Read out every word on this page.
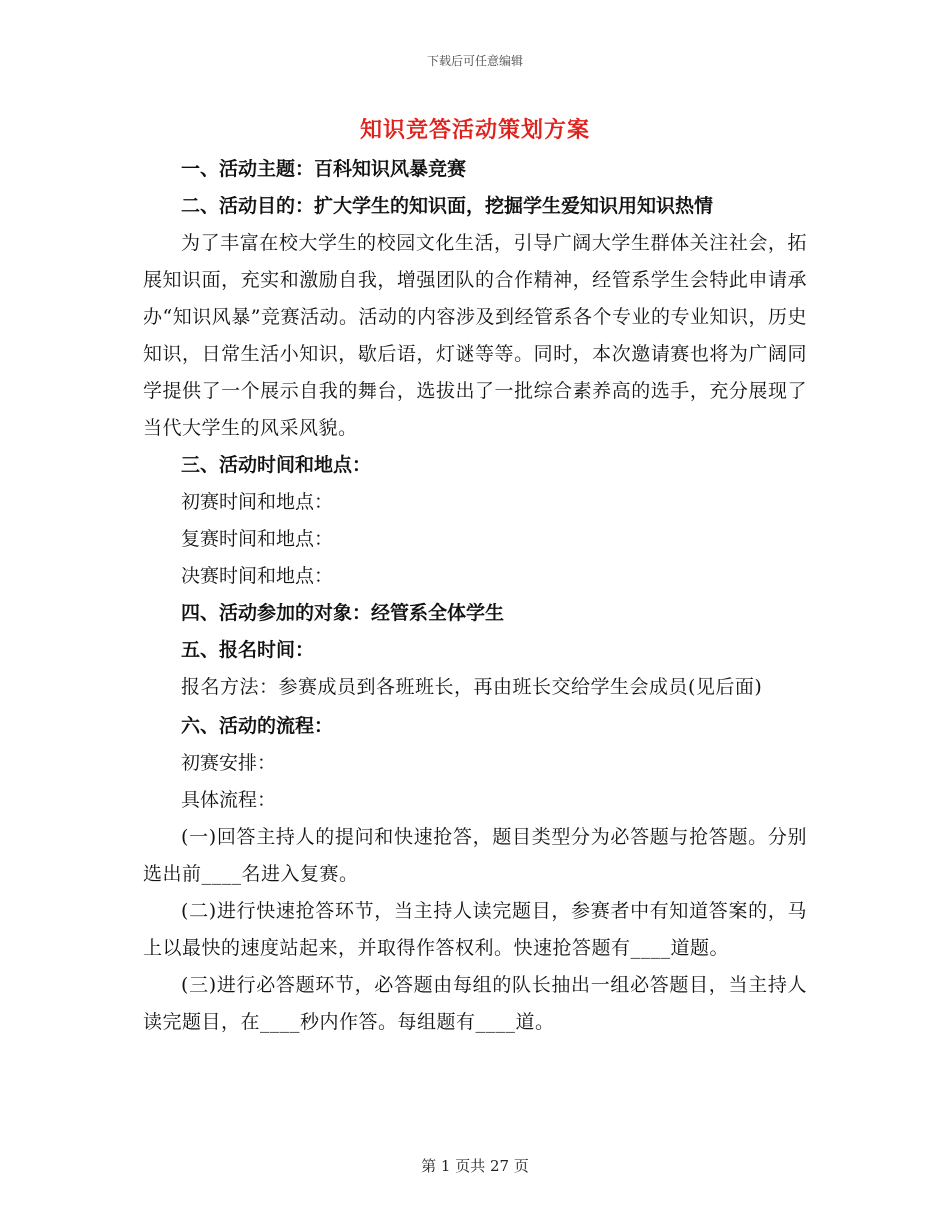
下载后可任意编辑
知识竞答活动策划方案

一、活动主题：百科知识风暴竞赛

二、活动目的：扩大学生的知识面，挖掘学生爱知识用知识热情

为了丰富在校大学生的校园文化生活，引导广阔大学生群体关注社会，拓展知识面，充实和激励自我，增强团队的合作精神，经管系学生会特此申请承办“知识风暴”竞赛活动。活动的内容涉及到经管系各个专业的专业知识，历史知识，日常生活小知识，歇后语，灯谜等等。同时，本次邀请赛也将为广阔同学提供了一个展示自我的舞台，选拔出了一批综合素养高的选手，充分展现了当代大学生的风采风貌。

三、活动时间和地点：

初赛时间和地点：

复赛时间和地点：

决赛时间和地点：

四、活动参加的对象：经管系全体学生

五、报名时间：

报名方法：参赛成员到各班班长，再由班长交给学生会成员(见后面)

六、活动的流程：

初赛安排：

具体流程：

(一)回答主持人的提问和快速抢答，题目类型分为必答题与抢答题。分别选出前____名进入复赛。

(二)进行快速抢答环节，当主持人读完题目，参赛者中有知道答案的，马上以最快的速度站起来，并取得作答权利。快速抢答题有____道题。

(三)进行必答题环节，必答题由每组的队长抽出一组必答题目，当主持人读完题目，在____秒内作答。每组题有____道。

第 1 页共 27 页
